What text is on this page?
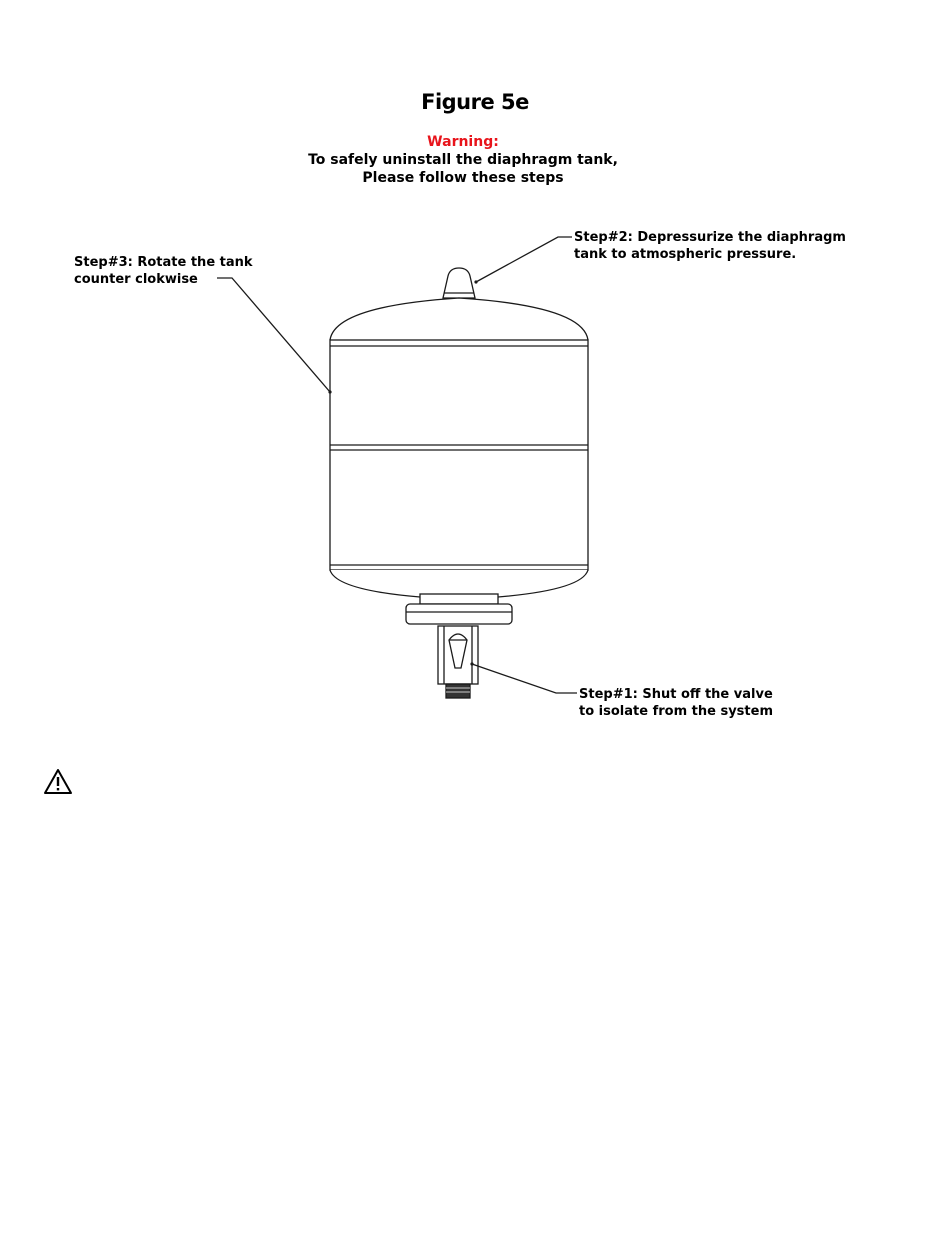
Figure 5e
Warning:
To safely uninstall the diaphragm tank,
Please follow these steps
Step#3: Rotate the tank
counter clokwise
Step#2: Depressurize the diaphragm
tank to atmospheric pressure.
Step#1: Shut off the valve
to isolate from the system
